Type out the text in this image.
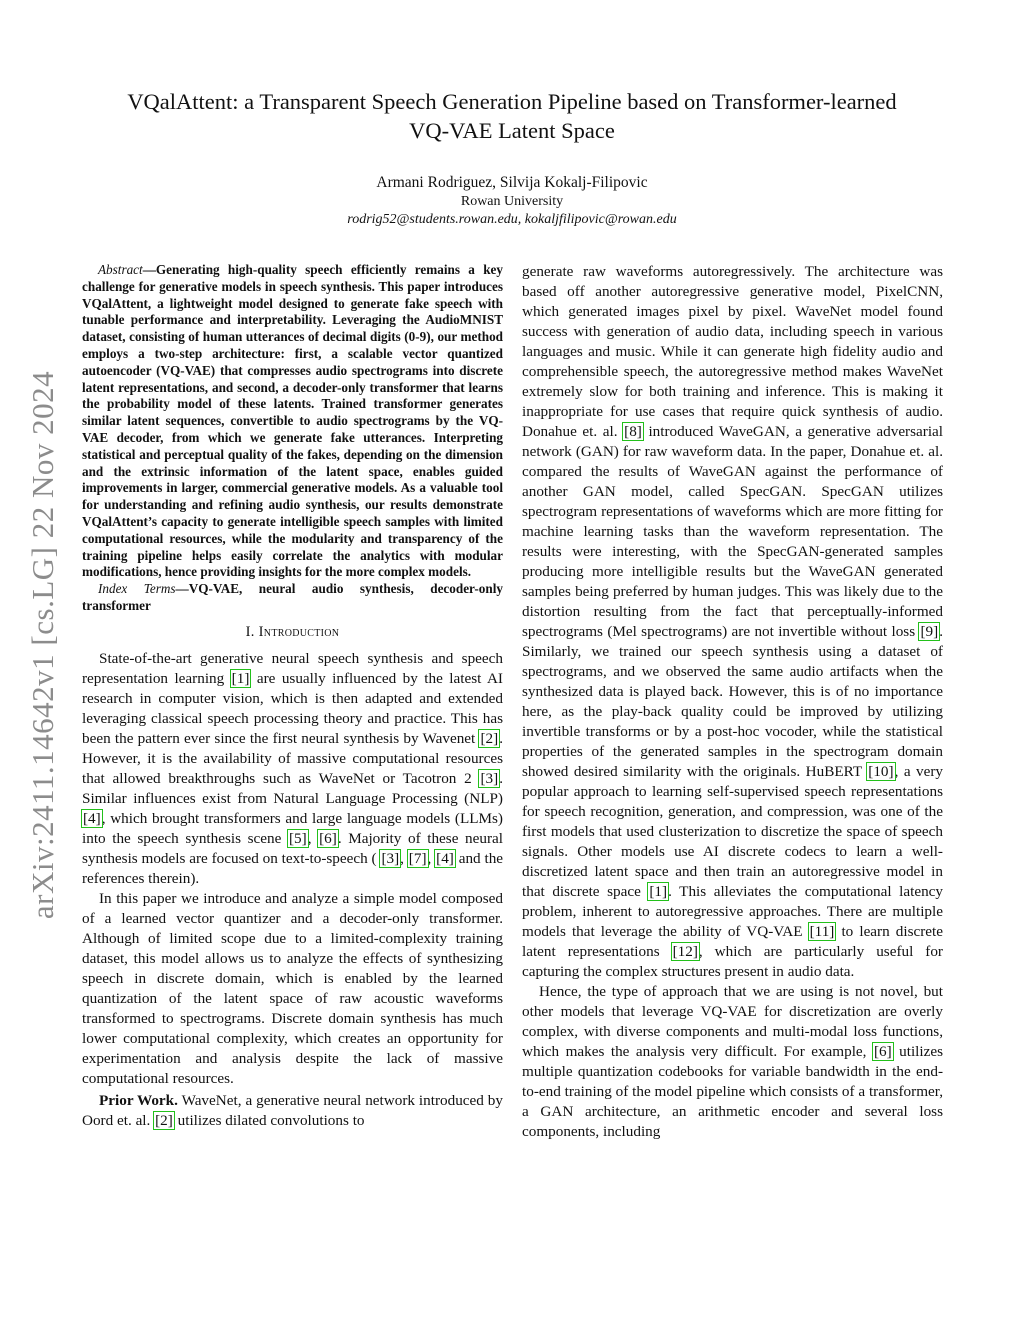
arXiv:2411.14642v1 [cs.LG] 22 Nov 2024
VQalAttent: a Transparent Speech Generation Pipeline based on Transformer-learned
VQ-VAE Latent Space
Armani Rodriguez, Silvija Kokalj-Filipovic
Rowan University
rodrig52@students.rowan.edu, kokaljfilipovic@rowan.edu

Abstract—Generating high-quality speech efficiently remains a key challenge for generative models in speech synthesis. This paper introduces VQalAttent, a lightweight model designed to generate fake speech with tunable performance and interpretability. Leveraging the AudioMNIST dataset, consisting of human utterances of decimal digits (0-9), our method employs a two-step architecture: first, a scalable vector quantized autoencoder (VQ-VAE) that compresses audio spectrograms into discrete latent representations, and second, a decoder-only transformer that learns the probability model of these latents. Trained transformer generates similar latent sequences, convertible to audio spectrograms by the VQ-VAE decoder, from which we generate fake utterances. Interpreting statistical and perceptual quality of the fakes, depending on the dimension and the extrinsic information of the latent space, enables guided improvements in larger, commercial generative models. As a valuable tool for understanding and refining audio synthesis, our results demonstrate VQalAttent’s capacity to generate intelligible speech samples with limited computational resources, while the modularity and transparency of the training pipeline helps easily correlate the analytics with modular modifications, hence providing insights for the more complex models.

Index Terms—VQ-VAE, neural audio synthesis, decoder-only transformer

I. Introduction

State-of-the-art generative neural speech synthesis and speech representation learning [1] are usually influenced by the latest AI research in computer vision, which is then adapted and extended leveraging classical speech processing theory and practice. This has been the pattern ever since the first neural synthesis by Wavenet [2]. However, it is the availability of massive computational resources that allowed breakthroughs such as WaveNet or Tacotron 2 [3]. Similar influences exist from Natural Language Processing (NLP) [4], which brought transformers and large language models (LLMs) into the speech synthesis scene [5], [6]. Majority of these neural synthesis models are focused on text-to-speech ( [3], [7], [4] and the references therein).

In this paper we introduce and analyze a simple model composed of a learned vector quantizer and a decoder-only transformer. Although of limited scope due to a limited-complexity training dataset, this model allows us to analyze the effects of synthesizing speech in discrete domain, which is enabled by the learned quantization of the latent space of raw acoustic waveforms transformed to spectrograms. Discrete domain synthesis has much lower computational complexity, which creates an opportunity for experimentation and analysis despite the lack of massive computational resources.

Prior Work. WaveNet, a generative neural network introduced by Oord et. al. [2] utilizes dilated convolutions to

generate raw waveforms autoregressively. The architecture was based off another autoregressive generative model, PixelCNN, which generated images pixel by pixel. WaveNet model found success with generation of audio data, including speech in various languages and music. While it can generate high fidelity audio and comprehensible speech, the autoregressive method makes WaveNet extremely slow for both training and inference. This is making it inappropriate for use cases that require quick synthesis of audio. Donahue et. al. [8] introduced WaveGAN, a generative adversarial network (GAN) for raw waveform data. In the paper, Donahue et. al. compared the results of WaveGAN against the performance of another GAN model, called SpecGAN. SpecGAN utilizes spectrogram representations of waveforms which are more fitting for machine learning tasks than the waveform representation. The results were interesting, with the SpecGAN-generated samples producing more intelligible results but the WaveGAN generated samples being preferred by human judges. This was likely due to the distortion resulting from the fact that perceptually-informed spectrograms (Mel spectrograms) are not invertible without loss [9]. Similarly, we trained our speech synthesis using a dataset of spectrograms, and we observed the same audio artifacts when the synthesized data is played back. However, this is of no importance here, as the play-back quality could be improved by utilizing invertible transforms or by a post-hoc vocoder, while the statistical properties of the generated samples in the spectrogram domain showed desired similarity with the originals. HuBERT [10], a very popular approach to learning self-supervised speech representations for speech recognition, generation, and compression, was one of the first models that used clusterization to discretize the space of speech signals. Other models use AI discrete codecs to learn a well-discretized latent space and then train an autoregressive model in that discrete space [1]. This alleviates the computational latency problem, inherent to autoregressive approaches. There are multiple models that leverage the ability of VQ-VAE [11] to learn discrete latent representations [12], which are particularly useful for capturing the complex structures present in audio data.

Hence, the type of approach that we are using is not novel, but other models that leverage VQ-VAE for discretization are overly complex, with diverse components and multi-modal loss functions, which makes the analysis very difficult. For example, [6] utilizes multiple quantization codebooks for variable bandwidth in the end-to-end training of the model pipeline which consists of a transformer, a GAN architecture, an arithmetic encoder and several loss components, including
